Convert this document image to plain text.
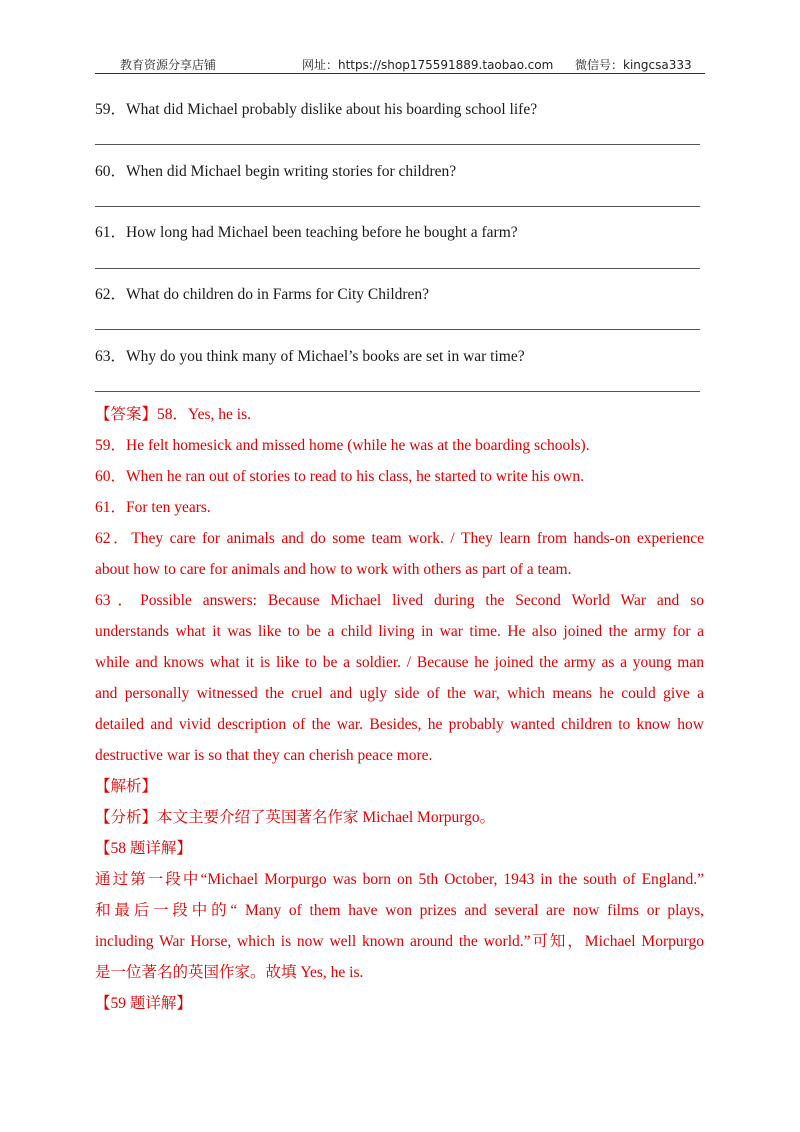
教育资源分享店铺	网址：https://shop175591889.taobao.com 微信号：kingcsa333
59．What did Michael probably dislike about his boarding school life?
60．When did Michael begin writing stories for children?
61．How long had Michael been teaching before he bought a farm?
62．What do children do in Farms for City Children?
63．Why do you think many of Michael’s books are set in war time?

【答案】58．Yes, he is.

59．He felt homesick and missed home (while he was at the boarding schools).

60．When he ran out of stories to read to his class, he started to write his own.

61．For ten years.

62．They care for animals and do some team work. / They learn from hands-on experience

about how to care for animals and how to work with others as part of a team.

63．Possible answers: Because Michael lived during the Second World War and so

understands what it was like to be a child living in war time. He also joined the army for a

while and knows what it is like to be a soldier. / Because he joined the army as a young man

and personally witnessed the cruel and ugly side of the war, which means he could give a

detailed and vivid description of the war. Besides, he probably wanted children to know how

destructive war is so that they can cherish peace more.

【解析】

【分析】本文主要介绍了英国著名作家 Michael Morpurgo。

【58 题详解】

通过第一段中“Michael Morpurgo was born on 5th October, 1943 in the south of England.”

和最后一段中的“ Many of them have won prizes and several are now films or plays,

including War Horse, which is now well known around the world.”可知，Michael Morpurgo

是一位著名的英国作家。故填 Yes, he is.

【59 题详解】
